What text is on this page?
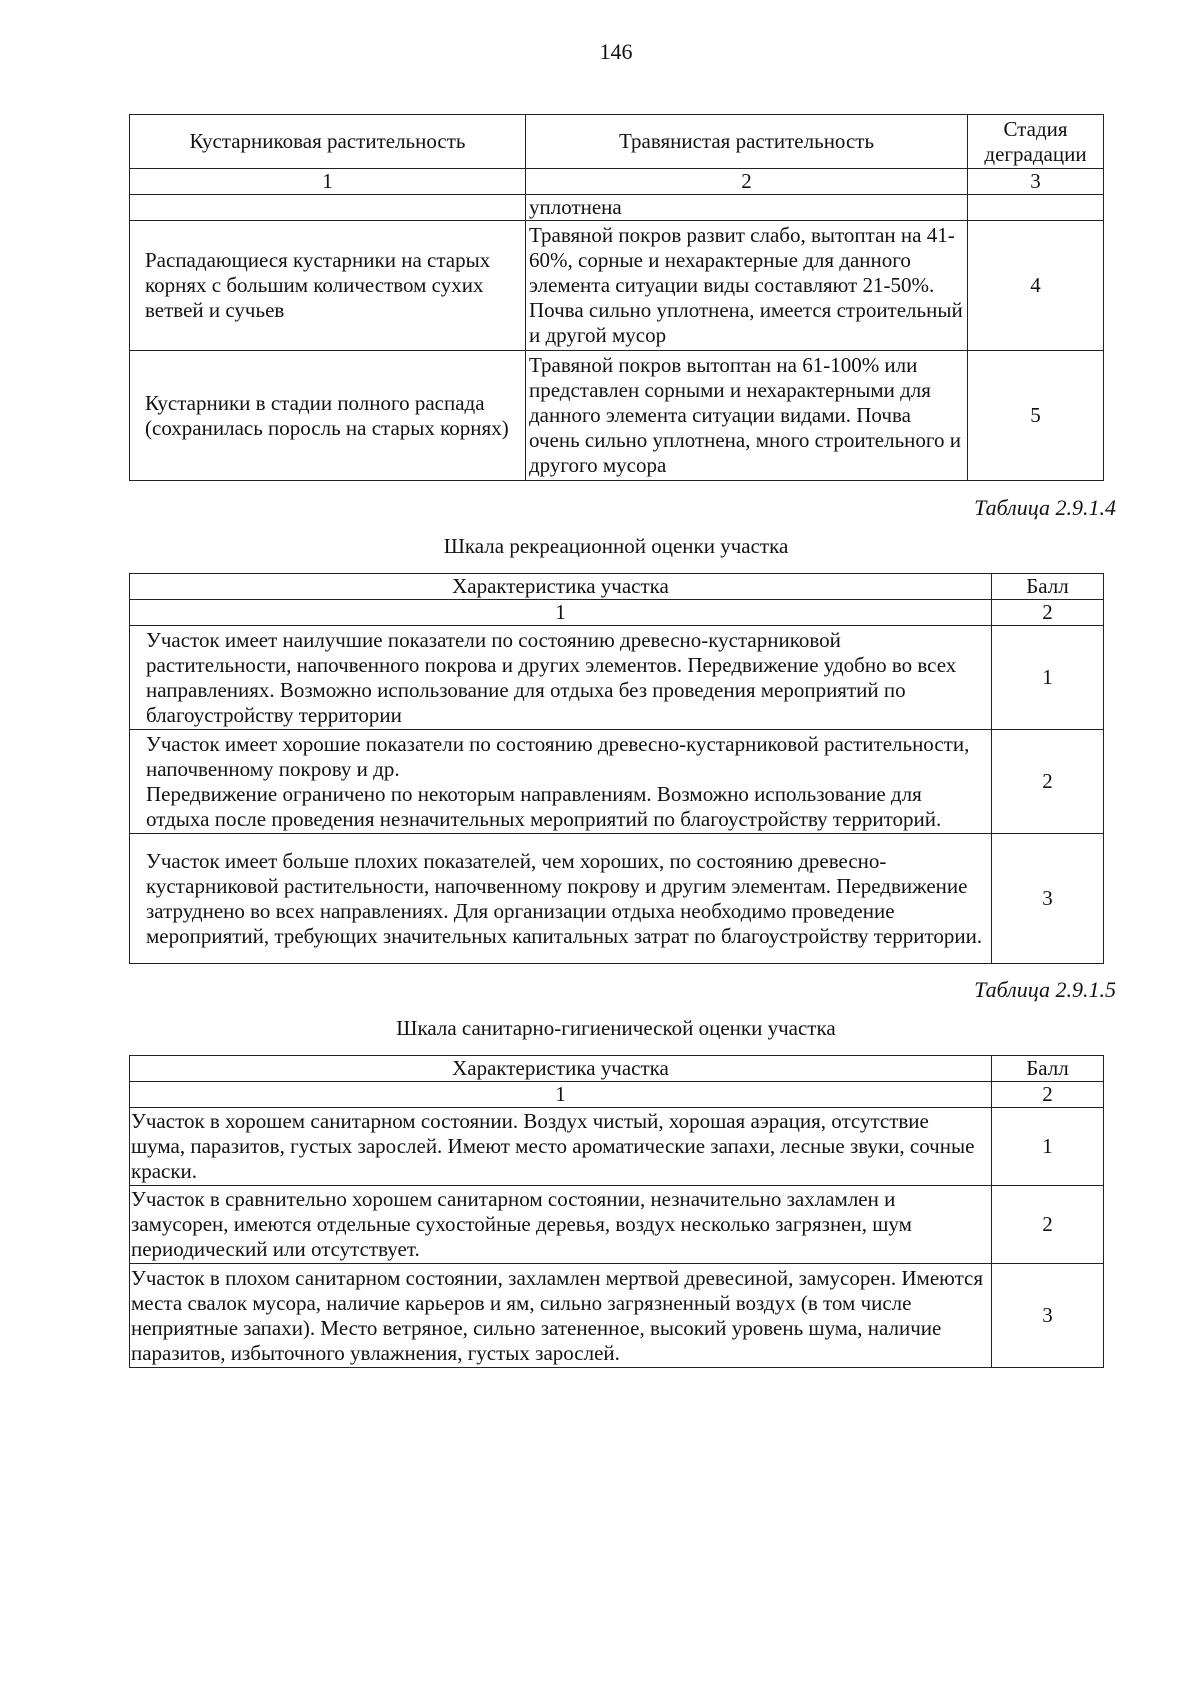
146
Кустарниковая растительность	Травянистая растительность	Стадия деградации
1	2	3
	уплотнена	
Распадающиеся кустарники на старых корнях с большим количеством сухих ветвей и сучьев	Травяной покров развит слабо, вытоптан на 41-60%, сорные и нехарактерные для данного элемента ситуации виды составляют 21-50%. Почва сильно уплотнена, имеется строительный и другой мусор	4
Кустарники в стадии полного распада (сохранилась поросль на старых корнях)	Травяной покров вытоптан на 61-100% или представлен сорными и нехарактерными для данного элемента ситуации видами. Почва очень сильно уплотнена, много строительного и другого мусора	5
Таблица 2.9.1.4
Шкала рекреационной оценки участка
Характеристика участка	Балл
1	2
Участок имеет наилучшие показатели по состоянию древесно-кустарниковой растительности, напочвенного покрова и других элементов. Передвижение удобно во всех направлениях. Возможно использование для отдыха без проведения мероприятий по благоустройству территории	1
Участок имеет хорошие показатели по состоянию древесно-кустарниковой растительности, напочвенному покрову и др.
Передвижение ограничено по некоторым направлениям. Возможно использование для отдыха после проведения незначительных мероприятий по благоустройству территорий.	2
Участок имеет больше плохих показателей, чем хороших, по состоянию древесно-кустарниковой растительности, напочвенному покрову и другим элементам. Передвижение затруднено во всех направлениях. Для организации отдыха необходимо проведение мероприятий, требующих значительных капитальных затрат по благоустройству территории.	3
Таблица 2.9.1.5
Шкала санитарно-гигиенической оценки участка
Характеристика участка	Балл
1	2
Участок в хорошем санитарном состоянии. Воздух чистый, хорошая аэрация, отсутствие шума, паразитов, густых зарослей. Имеют место ароматические запахи, лесные звуки, сочные краски.	1
Участок в сравнительно хорошем санитарном состоянии, незначительно захламлен и замусорен, имеются отдельные сухостойные деревья, воздух несколько загрязнен, шум периодический или отсутствует.	2
Участок в плохом санитарном состоянии, захламлен мертвой древесиной, замусорен. Имеются места свалок мусора, наличие карьеров и ям, сильно загрязненный воздух (в том числе неприятные запахи). Место ветряное, сильно затененное, высокий уровень шума, наличие паразитов, избыточного увлажнения, густых зарослей.	3
